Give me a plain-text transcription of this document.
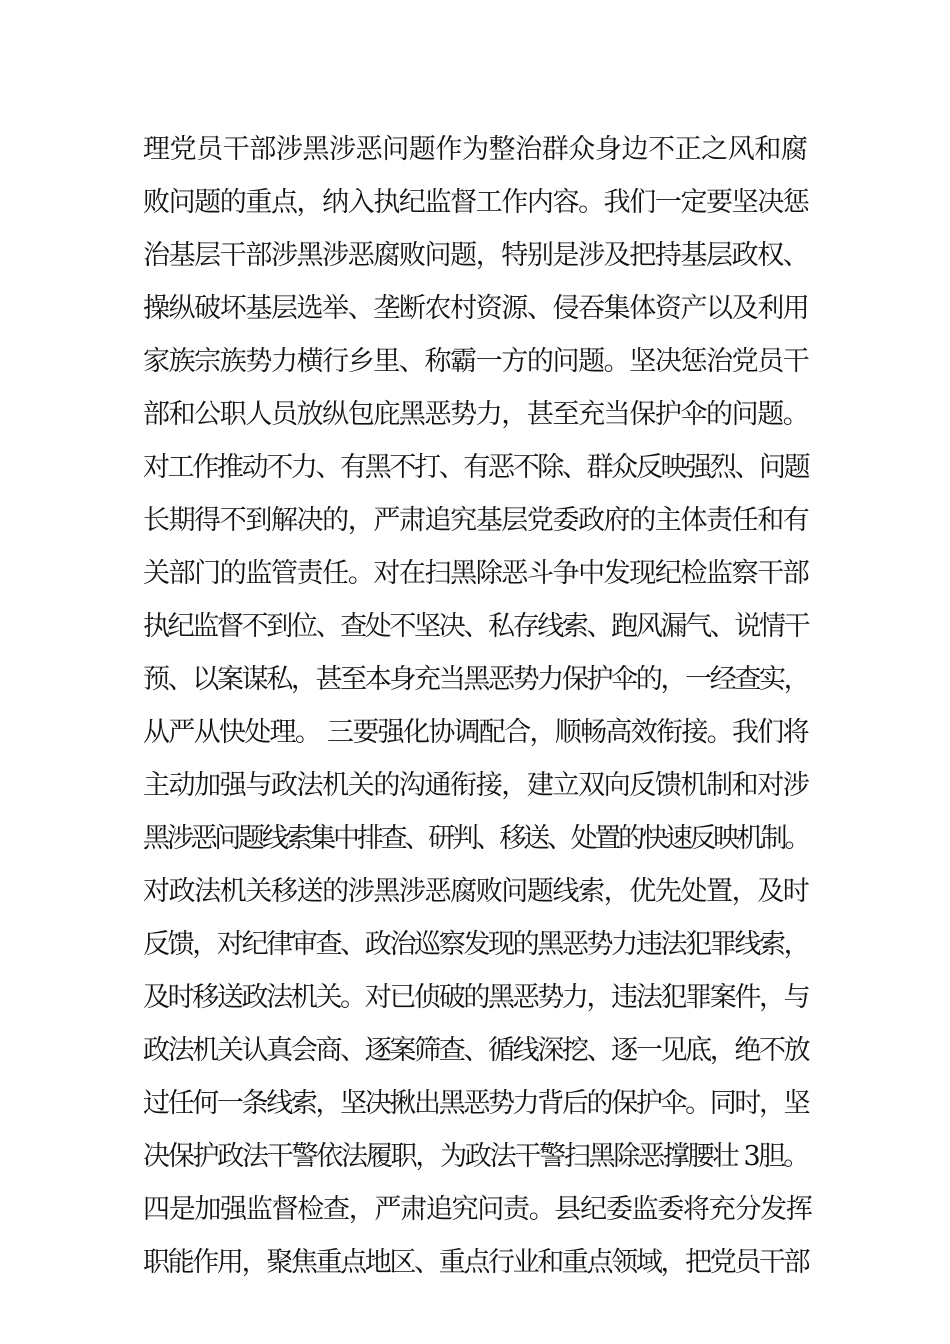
理党员干部涉黑涉恶问题作为整治群众身边不正之风和腐
败问题的重点，纳入执纪监督工作内容。我们一定要坚决惩
治基层干部涉黑涉恶腐败问题，特别是涉及把持基层政权、
操纵破坏基层选举、垄断农村资源、侵吞集体资产以及利用
家族宗族势力横行乡里、称霸一方的问题。坚决惩治党员干
部和公职人员放纵包庇黑恶势力，甚至充当保护伞的问题。
对工作推动不力、有黑不打、有恶不除、群众反映强烈、问题
长期得不到解决的，严肃追究基层党委政府的主体责任和有
关部门的监管责任。对在扫黑除恶斗争中发现纪检监察干部
执纪监督不到位、查处不坚决、私存线索、跑风漏气、说情干
预、以案谋私，甚至本身充当黑恶势力保护伞的，一经查实，
从严从快处理。 三要强化协调配合，顺畅高效衔接。我们将
主动加强与政法机关的沟通衔接，建立双向反馈机制和对涉
黑涉恶问题线索集中排查、研判、移送、处置的快速反映机制。
对政法机关移送的涉黑涉恶腐败问题线索，优先处置，及时
反馈，对纪律审查、政治巡察发现的黑恶势力违法犯罪线索，
及时移送政法机关。对已侦破的黑恶势力，违法犯罪案件，与
政法机关认真会商、逐案筛查、循线深挖、逐一见底，绝不放
过任何一条线索，坚决揪出黑恶势力背后的保护伞。同时，坚
决保护政法干警依法履职，为政法干警扫黑除恶撑腰壮 3胆。
四是加强监督检查，严肃追究问责。县纪委监委将充分发挥
职能作用，聚焦重点地区、重点行业和重点领域，把党员干部
